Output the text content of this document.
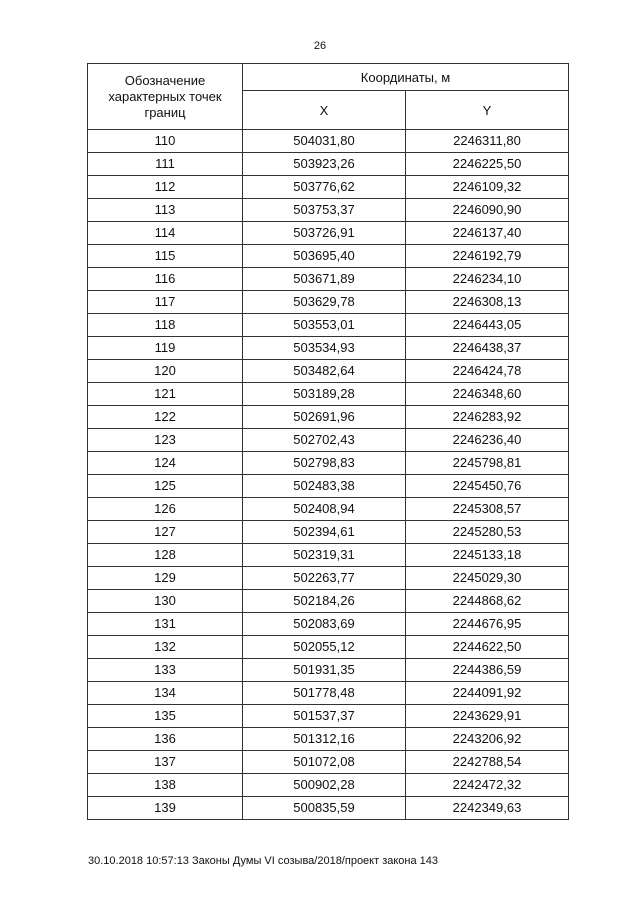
26
Обозначение характерных точек границ	Координаты, м	
	X	Y
110	504031,80	2246311,80
111	503923,26	2246225,50
112	503776,62	2246109,32
113	503753,37	2246090,90
114	503726,91	2246137,40
115	503695,40	2246192,79
116	503671,89	2246234,10
117	503629,78	2246308,13
118	503553,01	2246443,05
119	503534,93	2246438,37
120	503482,64	2246424,78
121	503189,28	2246348,60
122	502691,96	2246283,92
123	502702,43	2246236,40
124	502798,83	2245798,81
125	502483,38	2245450,76
126	502408,94	2245308,57
127	502394,61	2245280,53
128	502319,31	2245133,18
129	502263,77	2245029,30
130	502184,26	2244868,62
131	502083,69	2244676,95
132	502055,12	2244622,50
133	501931,35	2244386,59
134	501778,48	2244091,92
135	501537,37	2243629,91
136	501312,16	2243206,92
137	501072,08	2242788,54
138	500902,28	2242472,32
139	500835,59	2242349,63
30.10.2018 10:57:13 Законы Думы VI созыва/2018/проект закона 143
